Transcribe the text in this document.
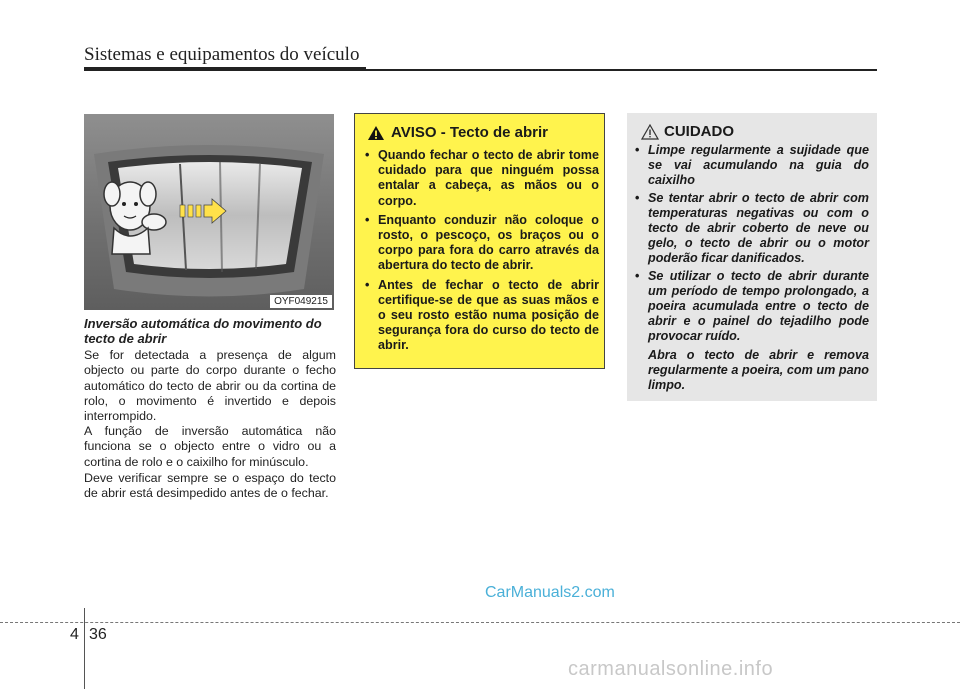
Sistemas e equipamentos do veículo
OYF049215
Inversão automática do movimento do tecto de abrir
Se for detectada a presença de algum objecto ou parte do corpo durante o fecho automático do tecto de abrir ou da cortina de rolo, o movimento é invertido e depois interrompido.
A função de inversão automática não funciona se o objecto entre o vidro ou a cortina de rolo e o caixilho for minúsculo.
Deve verificar sempre se o espaço do tecto de abrir está desimpedido antes de o fechar.
AVISO - Tecto de abrir
• Quando fechar o tecto de abrir tome cuidado para que ninguém possa entalar a cabeça, as mãos ou o corpo.
• Enquanto conduzir não coloque o rosto, o pescoço, os braços ou o corpo para fora do carro através da abertura do tecto de abrir.
• Antes de fechar o tecto de abrir certifique-se de que as suas mãos e o seu rosto estão numa posição de segurança fora do curso do tecto de abrir.
CUIDADO
• Limpe regularmente a sujidade que se vai acumulando na guia do caixilho
• Se tentar abrir o tecto de abrir com temperaturas negativas ou com o tecto de abrir coberto de neve ou gelo, o tecto de abrir ou o motor poderão ficar danificados.
• Se utilizar o tecto de abrir durante um período de tempo prolongado, a poeira acumulada entre o tecto de abrir e o painel do tejadilho pode provocar ruído.

Abra o tecto de abrir e remova regularmente a poeira, com um pano limpo.

CarManuals2.com
4 36
carmanualsonline.info
